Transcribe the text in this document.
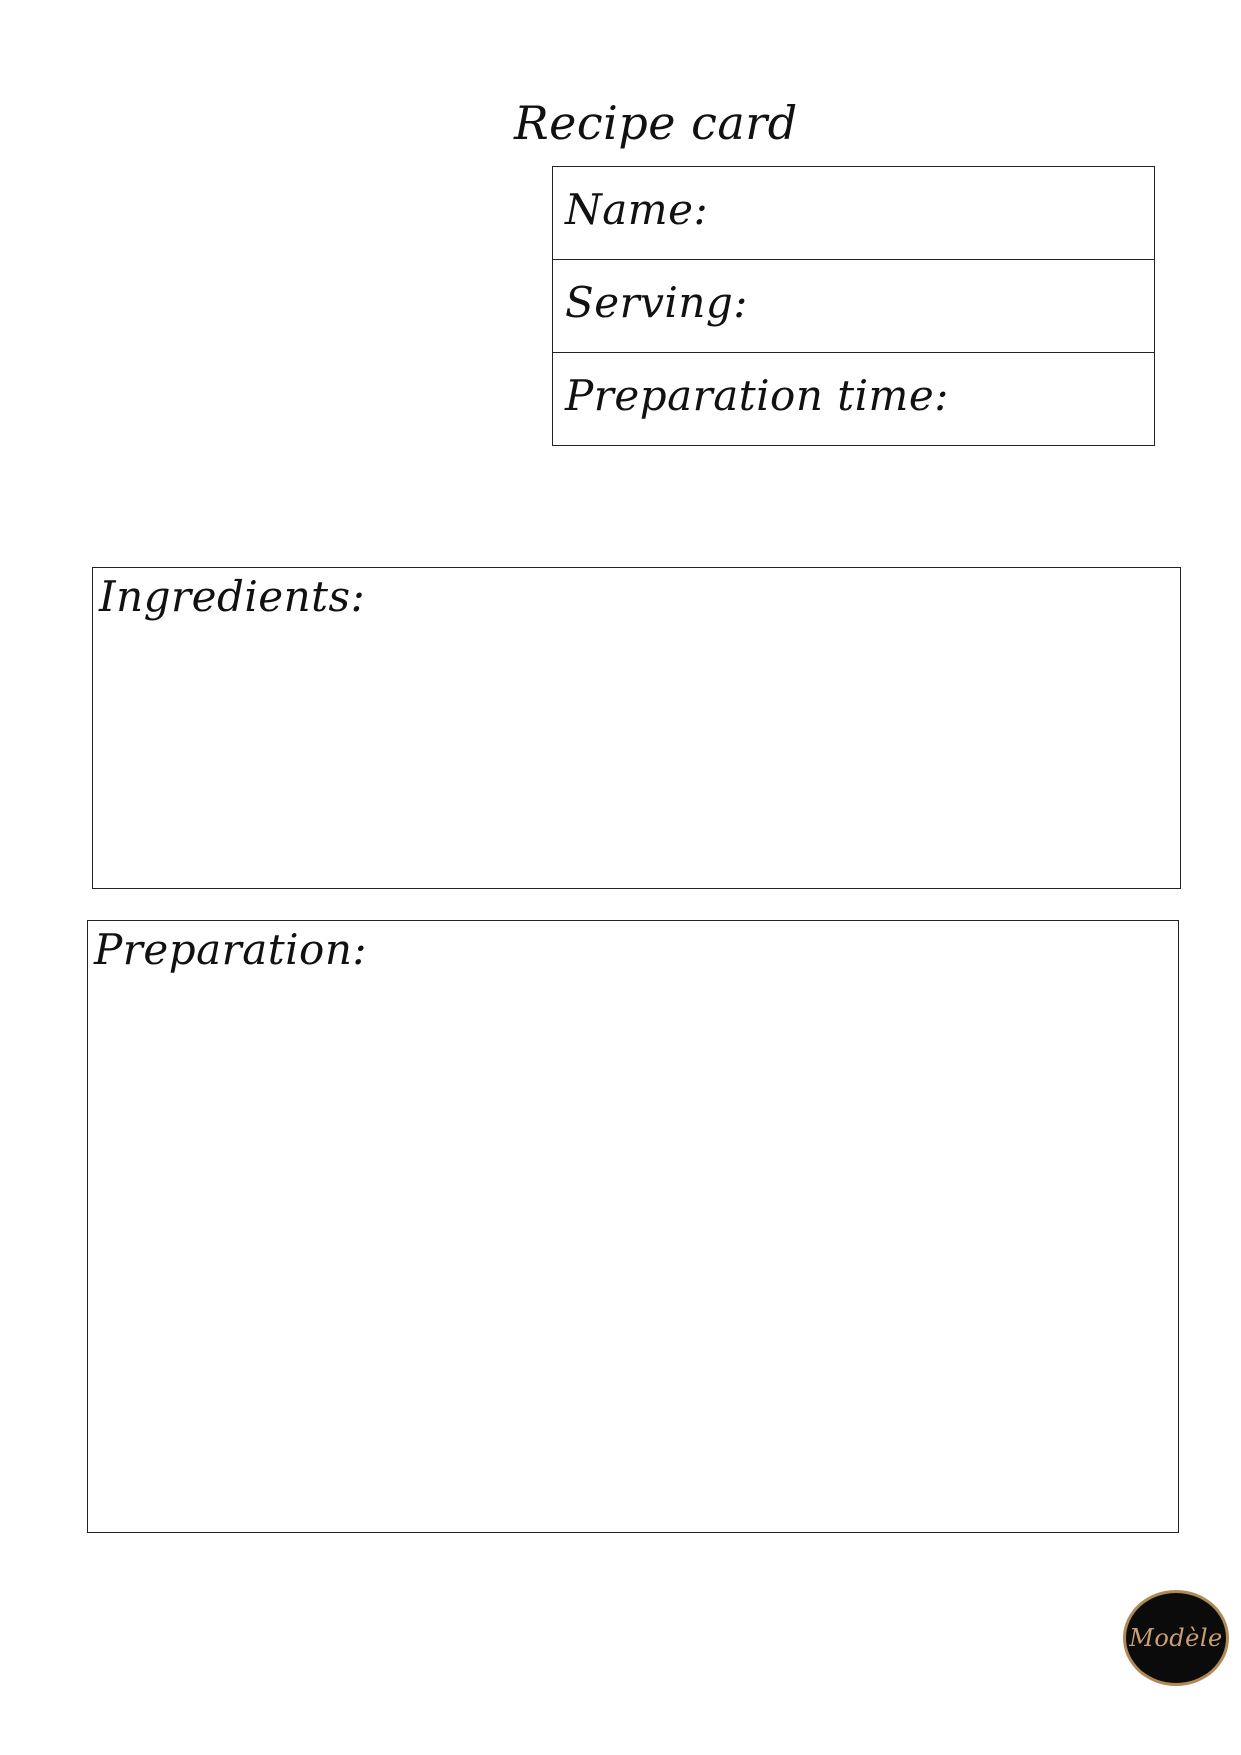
Recipe card
Name:
Serving:
Preparation time:
Ingredients:
Preparation:
Modèle
